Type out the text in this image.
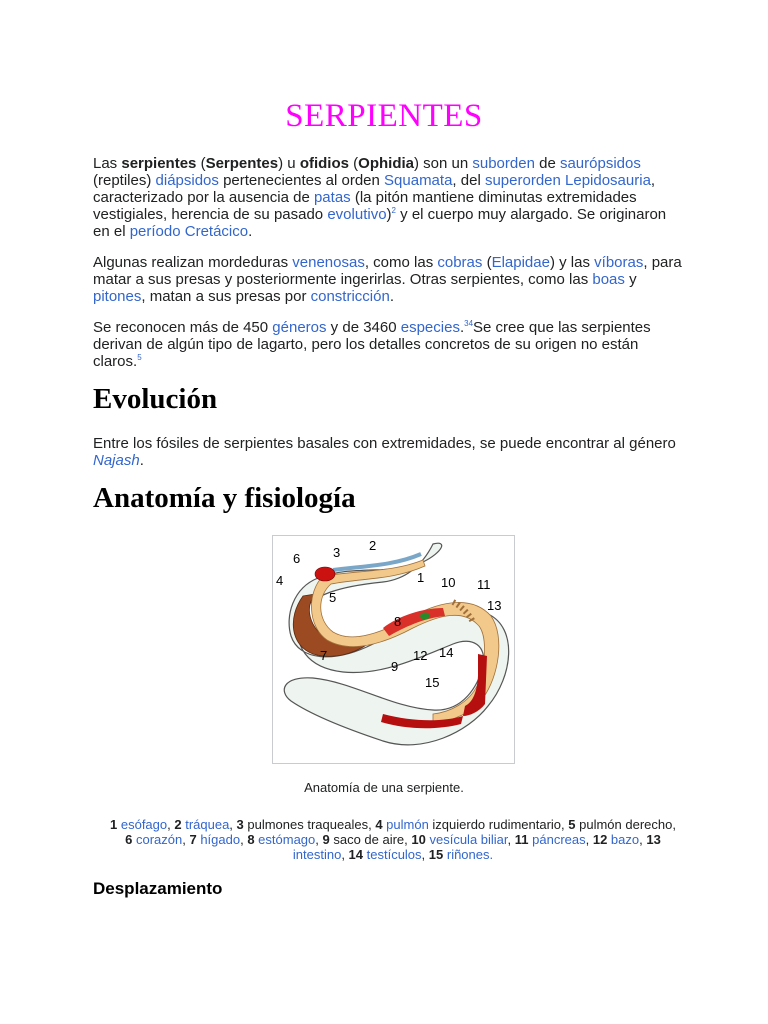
SERPIENTES

Las serpientes (Serpentes) u ofidios (Ophidia) son un suborden de saurópsidos (reptiles) diápsidos pertenecientes al orden Squamata, del superorden Lepidosauria, caracterizado por la ausencia de patas (la pitón mantiene diminutas extremidades vestigiales, herencia de su pasado evolutivo)$^2$ y el cuerpo muy alargado. Se originaron en el período Cretácico.

Algunas realizan mordeduras venenosas, como las cobras (Elapidae) y las víboras, para matar a sus presas y posteriormente ingerirlas. Otras serpientes, como las boas y pitones, matan a sus presas por constricción.

Se reconocen más de 450 géneros y de 3460 especies.$^{34}$Se cree que las serpientes derivan de algún tipo de lagarto, pero los detalles concretos de su origen no están claros.$^5$

Evolución

Entre los fósiles de serpientes basales con extremidades, se puede encontrar al género Najash.

Anatomía y fisiología
2
3
6
4	1 10 11
5
13
8
14
12
7
9
15
Anatomía de una serpiente.
1 esófago, 2 tráquea, 3 pulmones traqueales, 4 pulmón izquierdo rudimentario, 5 pulmón derecho, 6 corazón, 7 hígado, 8 estómago, 9 saco de aire, 10 vesícula biliar, 11 páncreas, 12 bazo, 13 intestino, 14 testículos, 15 riñones.
Desplazamiento
